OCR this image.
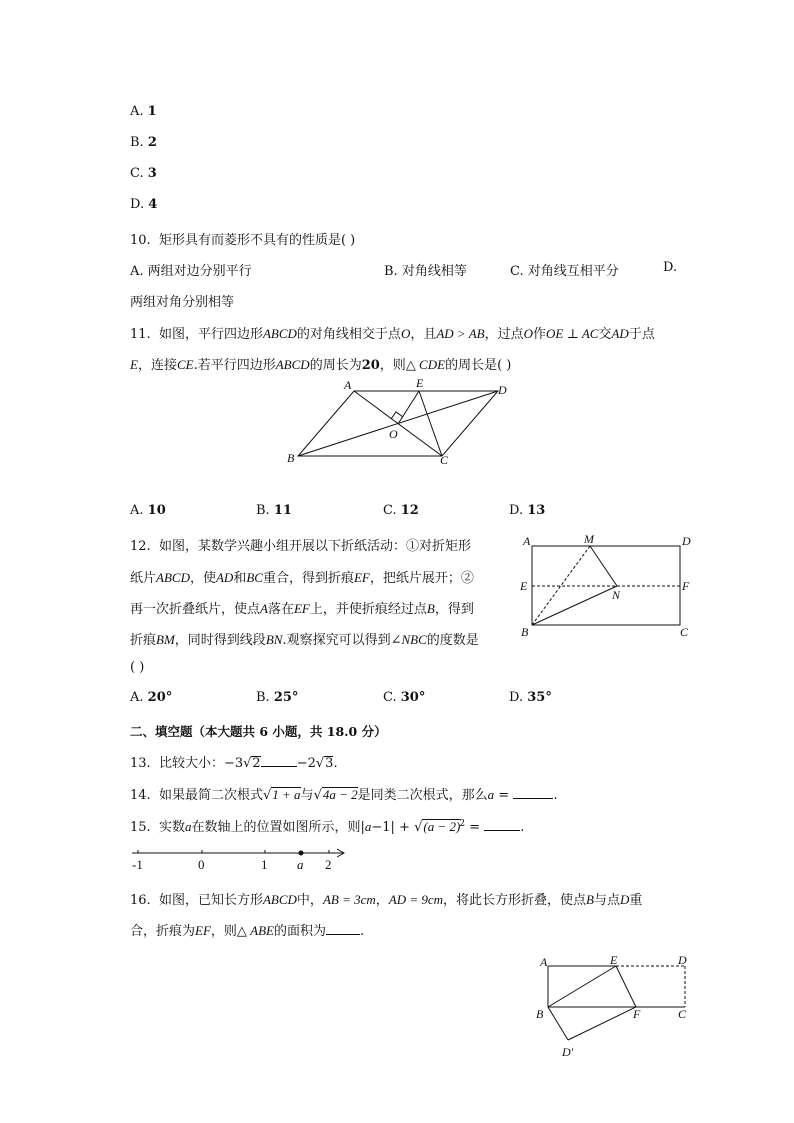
A. 1
B. 2
C. 3
D. 4
10. 矩形具有而菱形不具有的性质是( )
A. 两组对边分别平行	B. 对角线相等	C. 对角线互相平分	D.
两组对角分别相等
11. 如图，平行四边形ABCD的对角线相交于点O，且AD > AB，过点O作OE ⊥ AC交AD于点
E，连接CE.若平行四边形ABCD的周长为20，则△ CDE的周长是( )
A	E	D
O
B	C
A. 10	B. 11	C. 12	D. 13
12. 如图，某数学兴趣小组开展以下折纸活动：①对折矩形
纸片ABCD，使AD和BC重合，得到折痕EF，把纸片展开；②
再一次折叠纸片，使点A落在EF上，并使折痕经过点B，得到
折痕BM，同时得到线段BN.观察探究可以得到∠NBC的度数是
( )
A	M	D
E	F
N
B	C
A. 20°	B. 25°	C. 30°	D. 35°
二、填空题（本大题共 6 小题，共 18.0 分）
13. 比较大小：−3√2	−2√3.
14. 如果最简二次根式√1 + a与√4a − 2是同类二次根式，那么a =	.
15. 实数a在数轴上的位置如图所示，则$|a-1| + √(a - 2)^2$ =	.
-1	0	1 a 2
16. 如图，已知长方形ABCD中，AB = 3cm，AD = 9cm，将此长方形折叠，使点B与点D重
合，折痕为EF，则△ ABE的面积为	.
A	E	D
B	F	C
D′
